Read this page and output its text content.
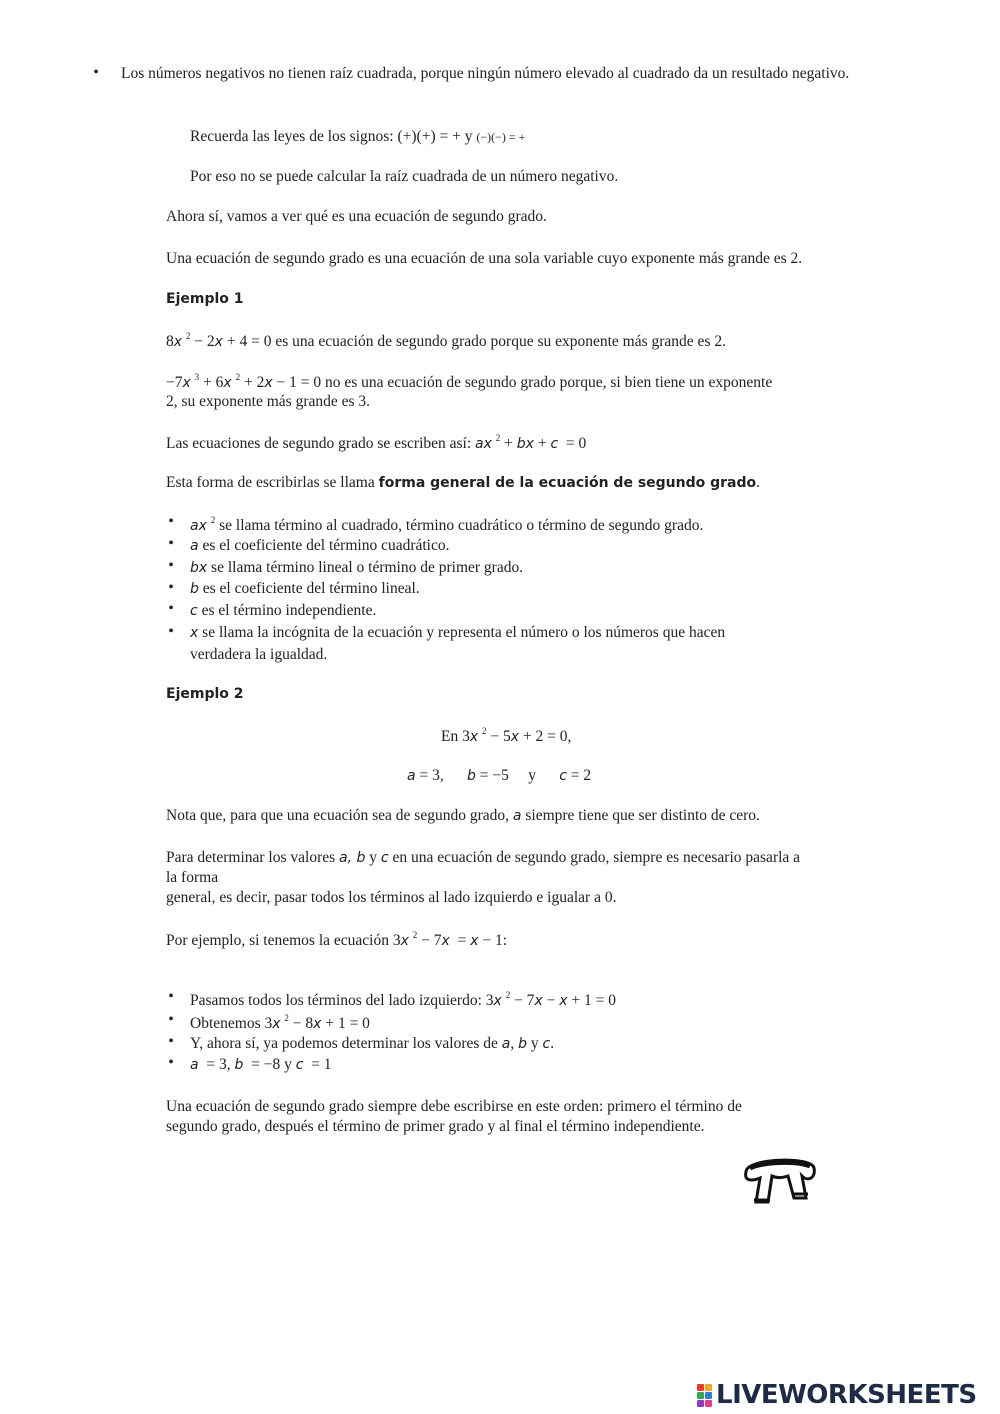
•
Los números negativos no tienen raíz cuadrada, porque ningún número elevado al cuadrado da un resultado negativo.
Recuerda las leyes de los signos: (+)(+) = + y (−)(−) = +
Por eso no se puede calcular la raíz cuadrada de un número negativo.
Ahora sí, vamos a ver qué es una ecuación de segundo grado.
Una ecuación de segundo grado es una ecuación de una sola variable cuyo exponente más grande es 2.
Ejemplo 1
8x $^2$ − 2x + 4 = 0 es una ecuación de segundo grado porque su exponente más grande es 2.
−7x $^3$ + 6x $^2$ + 2x − 1 = 0 no es una ecuación de segundo grado porque, si bien tiene un exponente
2, su exponente más grande es 3.
Las ecuaciones de segundo grado se escriben así: ax $^2$ + bx + c  = 0
Esta forma de escribirlas se llama forma general de la ecuación de segundo grado.
•
ax $^2$ se llama término al cuadrado, término cuadrático o término de segundo grado.
•
a es el coeficiente del término cuadrático.
•
bx se llama término lineal o término de primer grado.
•
b es el coeficiente del término lineal.
•
c es el término independiente.
•
x se llama la incógnita de la ecuación y representa el número o los números que hacen
verdadera la igualdad.
Ejemplo 2
En 3x $^2$ − 5x + 2 = 0,
a = 3,      b = −5     y c = 2
Nota que, para que una ecuación sea de segundo grado, a siempre tiene que ser distinto de cero.
Para determinar los valores a, b y c en una ecuación de segundo grado, siempre es necesario pasarla a
la forma
general, es decir, pasar todos los términos al lado izquierdo e igualar a 0.
Por ejemplo, si tenemos la ecuación 3x $^2$ − 7x  = x − 1:
•
Pasamos todos los términos del lado izquierdo: 3x $^2$ − 7x − x + 1 = 0
•
Obtenemos 3x $^2$ − 8x + 1 = 0
•
Y, ahora sí, ya podemos determinar los valores de a, b y c.
•
a  = 3, b  = −8 y c  = 1
Una ecuación de segundo grado siempre debe escribirse en este orden: primero el término de
segundo grado, después el término de primer grado y al final el término independiente.
LIVEWORKSHEETS
